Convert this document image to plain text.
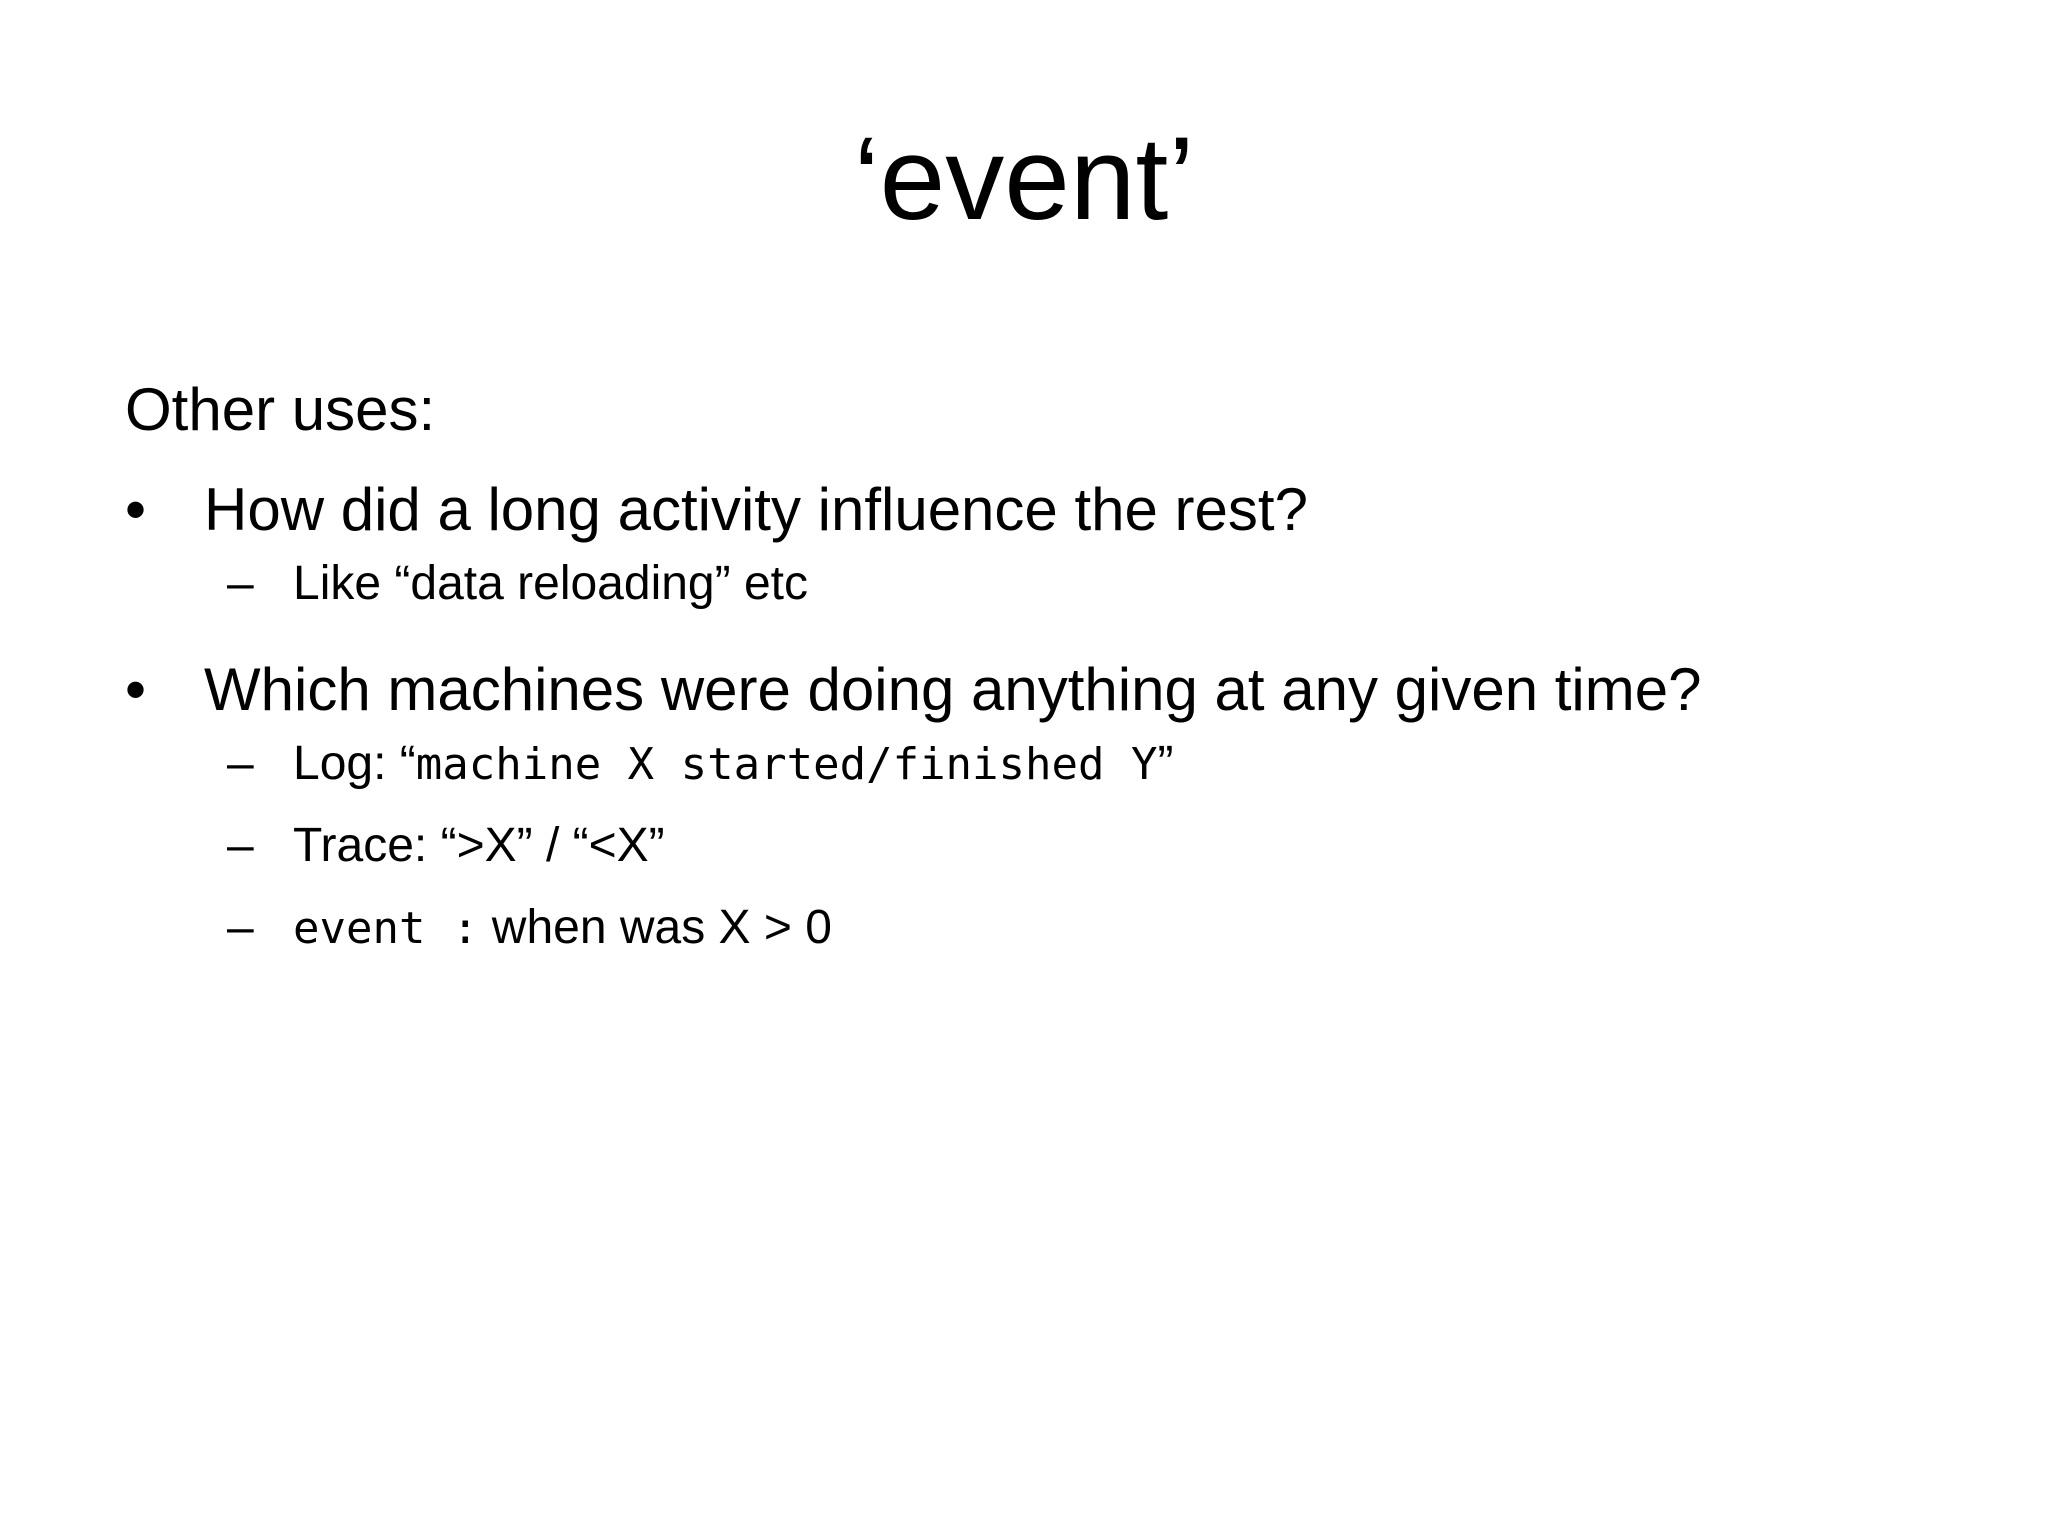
‘event’
Other uses:
• How did a long activity influence the rest?
– Like “data reloading” etc
• Which machines were doing anything at any given time?
– Log: “machine X started/finished Y”
– Trace: “>X” / “<X”
– event : when was X > 0
